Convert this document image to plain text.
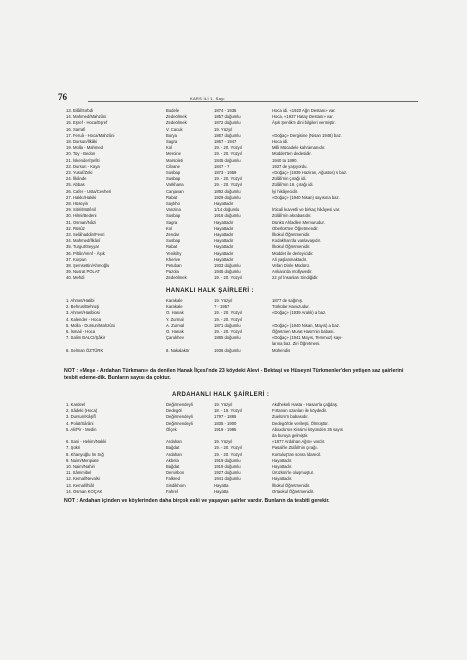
76	KARS İLİ 1. Sayı
13. Bilâl/Sırbdi
14. Mahmed/Mahzûni
15. Eşref - Hoca/Eşref
16. Sarrafi
17. Feruâ - Hoca/Mahzûni
18. Dursun/İlkâki
19. Molla - Mahmed
20. Toy - Bedon
21. İskender/Şefiti
22. Dursun - Kaya
23. Yusuf/Zeki
24. İlkânde
25. Abbas
26. Cafer - Usta/Cevheri
27. Hakkı/Hakiki
28. Hüseyin
29. Sitiri/Mütênil
30. Hilmi/Bedeni
31. Osman/Nâzi
32. Rüsûz
33. Selâhaddin/Fevri
34. Mahmed/İlkânî
35. Turgut/Seyyar
36. Piltûn/Venf - Âşık
37. Kurpun
38. Şemsettin/Ahmoğlu
39. Nusrat POLAT
40. Mehdi
Budele
Zedeölmek
Zedeölmek
V. Cacuk
Burya
Sagra
Kol
Mercine
Marsoleti
Cilvane
Susbap
Susbap
Varkhana
Canjavan
Rabat
Saykho
Vanzina
Susbap
Sagra
Kol
Zendar
Susbap
Rabat
Yenikihy
Kherive
Petuban
Pazola
Zedeölmek
1874 - 1935
1857 doğumlu
1872 doğumlu
19. Yüzyıl
1867 doğumlu
1867 - 1947
19. - 20. Yüzyıl
19. - 20. Yüzyıl
1845 doğumlu
1847 - ?
1873 - 1959
19. - 20. Yüzyıl
19. - 20. Yüzyıl
1892 doğumlu
1929 doğumlu
Hayattadır
1/14 doğumlu
1916 doğumlu
Hayattadır
Hayattadır
Hayattadır
Hayattadır
Hayattadır
Hayattadır
Hayattadır
1933 doğumlu
1945 doğumlu
19. - 20. Yüzyıl
Hoca idi. «1920 Ağrı Destanı» var.
Hoca, «1937 Hatay Destanı» var.
Âşık Şenlik'e dini bilgileri vermiştir.

«Doğaç» Dergisine (Nisan 1948) baz.
Hoca idi.
Milli Mücadele kahramanıdır.
Müddet'ten dedesidir.
1940 ta 1890.
1937 de yaşıyordu.
«Doğaç» (1939 Haziran, Ağustos) s baz.
Zülâli'nin çırağı idi.
Zülâli'nin 16. çırağı idi.
İyi hikâyecidir.
«Doğaç» (1940 Nisan) sayısına baz.

İrticali kuvvetli ve birkaç hikâyesi var.
Zülâli'nin akrabasıdır.
Dünkü Ahladlen Memurudur.
Oberlüs'ten Öğretmendir.
İlkokul Öğretmenidir.
Kodakhan'da vanlavaşıdır.
İlkokul Öğretmenidir.
Müddet ile derleyicidir.
Ali yaşlanmaktadır.
Vefan Dinle Müdürü.
Ankara'da müllywedir.
22 yıl İnsanları Sindiğidir.
HANAKLI HALK ŞAİRLERİ :
1. Ahmet/Hatibi
2. Behrus/Behruşi
3. Ahmet/Hasbiosi
4. Kalender - Hoca
5. Molla - Dursun/Mahzûni
6. İsmail - Hoca
7. Salim BALCI/Şâkir

8. Selman ÖZTÜRK
Karakale
Karakale
O. Hanak
Y. Zurmal
A. Zurmal
O. Hanak
Çarukhev

8. Nakalakör
19. Yüzyıl
? - 1957
19. - 20. Yüzyıl
19. - 20. Yüzyıl
1871 doğumlu
19. - 20. Yüzyıl
1885 doğumlu

1936 doğumlu
1877 de sağmış.
Türkülar Havuzudur.
«Doğaç» (1939 Aralık) a baz.

«Doğaç» (1940 Nisan, Mayıs) a baz.
Öğretmen Murat Hasn'nin babası.
«Doğaç» (1941 Mayıs, Temmuz) sayı-
larına baz. Ziri Öğretmeni.
Mühendis
NOT : «Meşe - Ardahan Türkmanı» da denilen Hanak İlçesi'nde 23 köydeki Alevi - Bektaşi ve Hüseyni Türkmenler'den yetişen saz şairlerini tesbit edeme-dik. Bunların sayısı da çoktur.
ARDAHANLI HALK ŞAİRLERİ :
1. Kardeel
2. Sâdeki (Hoca)
3. Dursun/Kâşifî
4. Polat/Sârâni
5. Ali/Pir - Medin

6. Sani - Hekim/Nakki
7. Şükri
8. Khanyuğlu İm Sığ
9. Naim/Menpiate
10. Naim/Nahiri
11. Sâmmibel
12. Kemal/Nevalsi
13. Kemal/İhlâl
14. Osman KOÇAK
Değirmendeyli
Dedegöl
Değirmendeyli
Değirmendeyli
Ölçek

Ardahan
Bağdat
Ardahan
Akbela
Bağdat
Demirbon
Falkred
Sindikhom
Fahrel
19. Yüzyıl
18. - 19. Yüzyıl
1797 - 1865
1835 - 1900
1919 - 1995

19. Yüzyıl
19. - 20. Yüzyıl
19. - 20. Yüzyıl
1919 doğumlu
1919 doğumlu
1927 doğumlu
1941 doğumlu
Hayatta
Hayatta
Akdhekeli Hasta - Hasan'la çağdaş.
Fırtanon ozanları ile köydedir.
Zuelüm'n babasıdır.
Dedegöl'de verileşti, Ölmüştür.
Abaxdu'sıs Kissimi köyünden 35 sayıs
da buruya gelmiştir.
«1877 Ardahan Ağıtı» vardır.
Pasali'le Zülâli'nin çırağı.
Kurtuluş'tan sonra İdarecil.
Hayattadır.
Hayattadır.
Ürüzkmi'le oluşmuştur.
Hayattadır.
İlkokul Öğretmenidir.
Ortaokul Öğretmenidir.
NOT : Ardahan içinden ve köylerinden daha birçok eski ve yaşayan şairler vardır. Bunların da tesbiti gerekir.
